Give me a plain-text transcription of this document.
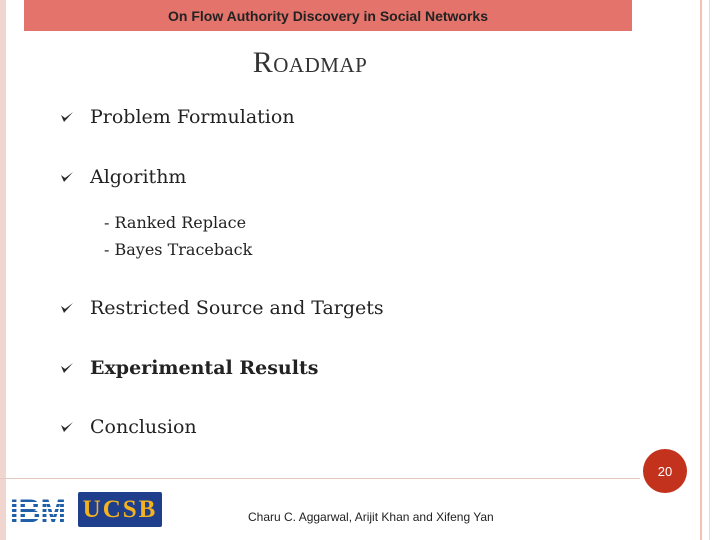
On Flow Authority Discovery in Social Networks
Roadmap
Problem Formulation
Algorithm
- Ranked Replace
- Bayes Traceback
Restricted Source and Targets
Experimental Results
Conclusion
20
UCSB	Charu C. Aggarwal, Arijit Khan and Xifeng Yan
